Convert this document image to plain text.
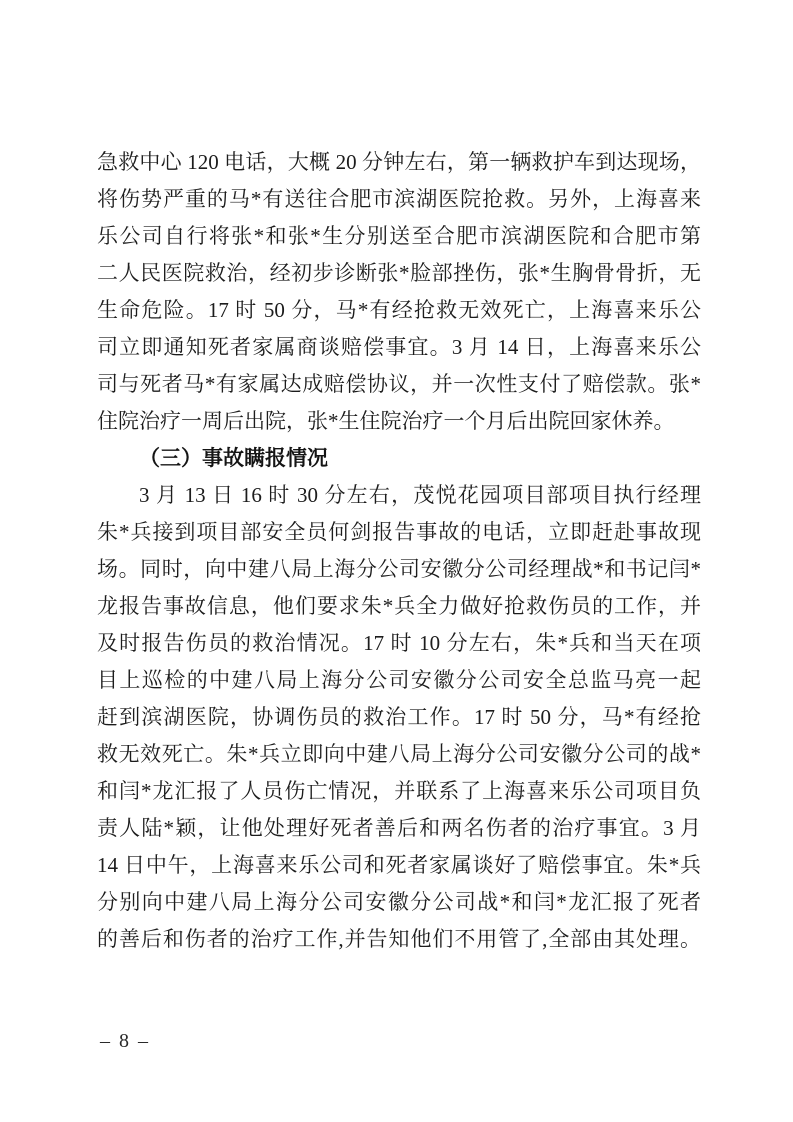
急救中心 120 电话，大概 20 分钟左右，第一辆救护车到达现场，
将伤势严重的马*有送往合肥市滨湖医院抢救。另外，上海喜来
乐公司自行将张*和张*生分别送至合肥市滨湖医院和合肥市第
二人民医院救治，经初步诊断张*脸部挫伤，张*生胸骨骨折，无
生命危险。17 时 50 分，马*有经抢救无效死亡，上海喜来乐公
司立即通知死者家属商谈赔偿事宜。3 月 14 日，上海喜来乐公
司与死者马*有家属达成赔偿协议，并一次性支付了赔偿款。张*
住院治疗一周后出院，张*生住院治疗一个月后出院回家休养。
（三）事故瞒报情况
3 月 13 日 16 时 30 分左右，茂悦花园项目部项目执行经理
朱*兵接到项目部安全员何剑报告事故的电话，立即赶赴事故现
场。同时，向中建八局上海分公司安徽分公司经理战*和书记闫*
龙报告事故信息，他们要求朱*兵全力做好抢救伤员的工作，并
及时报告伤员的救治情况。17 时 10 分左右，朱*兵和当天在项
目上巡检的中建八局上海分公司安徽分公司安全总监马亮一起
赶到滨湖医院，协调伤员的救治工作。17 时 50 分，马*有经抢
救无效死亡。朱*兵立即向中建八局上海分公司安徽分公司的战*
和闫*龙汇报了人员伤亡情况，并联系了上海喜来乐公司项目负
责人陆*颖，让他处理好死者善后和两名伤者的治疗事宜。3 月
14 日中午，上海喜来乐公司和死者家属谈好了赔偿事宜。朱*兵
分别向中建八局上海分公司安徽分公司战*和闫*龙汇报了死者
的善后和伤者的治疗工作,并告知他们不用管了,全部由其处理。
– 8 –
